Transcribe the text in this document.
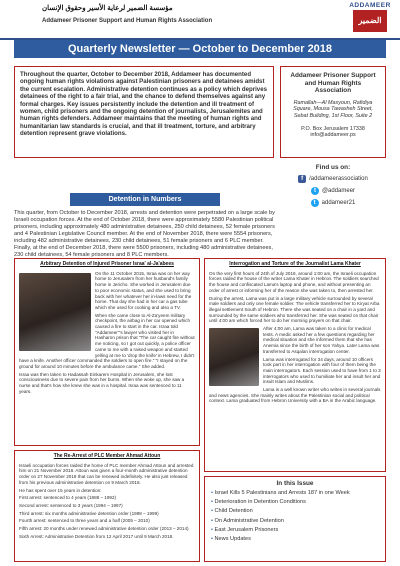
مؤسسة الضمير لرعاية الأسير وحقوق الإنسان
Addameer Prisoner Support and Human Rights Association
ADDAMEER
الضمير
Quarterly Newsletter — October to December 2018
Throughout the quarter, October to December 2018, Addameer has documented ongoing human rights violations against Palestinian prisoners and detainees amidst the current escalation. Administrative detention continues as a policy which deprives detainees of the right to a fair trial, and the chance to defend themselves against any formal charges. Key issues persistently include the detention and ill treatment of women, child prisoners and the ongoing detention of journalists, Jerusalemites and human rights defenders. Addameer maintains that the meeting of human rights and humanitarian law standards is crucial, and that ill treatment, torture, and arbitrary detention represent grave violations.
Addameer Prisoner Support and Human Rights Association
Ramallah—Al Masyoun, Rafidiya Square, Mousa Tawasheh Street, Sebat Building, 1st Floor, Suite 2
P.O. Box Jerusalem 17338
info@addameer.ps
Find us on:
f	/addameerassociation
t	@addameer
t	addameer21
Detention in Numbers

This quarter, from October to December 2018, arrests and detention were perpetrated on a large scale by Israeli occupation forces. At the end of October 2018, there were approximately 5580 Palestinian political prisoners, including approximately 480 administrative detainees, 250 child detainees, 52 female prisoners and 4 Palestinian Legislative Council member. At the end of November 2018, there were 5554 prisoners, including 482 administrative detainees, 230 child detainees, 51 female prisoners and 6 PLC member. Finally, at the end of December 2018, there were 5500 prisoners, including 480 administrative detainees, 230 child detainees, 54 female prisoners and 8 PLC members.

Arbitrary Detention of Injured Prisoner Israa' al-Ja'abees

On the 11 October 2015, Israa was on her way home to Jerusalem from her husband's family home in Jericho. She worked in Jerusalem due to poor economic status, and she used to bring back with her whatever her in-laws need for the home. That day she had in her car a gas tube which she used for cooking and also a TV.

When she came close to Al-Za'yeem military checkpoint, the airbag in her car opened which caused a fire to start in the car. Israa told "Addameer"'s lawyer who visited her in Hasharon prison that "The car caught fire without me noticing, so I got out quickly, a police officer came to me with a raised weapon and started yelling at me to 'drop the knife' in Hebrew, I didn't have a knife. Another officer commanded the soldiers to open fire." "I stayed on the ground for around 10 minutes before the ambulance came." She added.

Israa was then taken to Hadassah Einkarem Hospital in Jerusalem, she lost consciousness due to severe pain from her burns. When she woke up, she saw a nurse and that's how she knew she was in a hospital. Israa was sentenced to 11 years.

The Re-Arrest of PLC Member Ahmad Attoun

Israeli occupation forces raided the home of PLC member Ahmad Attoun and arrested him on 21 November 2018. Attoun was given a four-month administrative detention order on 27 November 2018 that can be renewed indefinitely. He also just released from his previous administrative detention on 9 March 2018.

He has spent over 15 years in detention:

First arrest: sentenced to 4 years (1988 – 1992)

Second arrest: sentenced to 3 years (1994 – 1997)

Third arrest: six months administrative detention order (1998 – 1999)

Fourth arrest: sentenced to three years and a half (2005 – 2010)

Fifth arrest: 20 months under renewed administrative detention order (2013 – 2014)

Sixth Arrest: Administrative Detention from 12 April 2017 until 9 March 2018.

Interrogation and Torture of the Journalist Lama Khater

On the very first hours of 24th of July 2018, around 1:00 am, the Israeli occupation forces raided the house of the writer Lama Khater in Hebron. The soldiers searched the house and confiscated Lama's laptop and phone, and without presenting an order of arrest or informing her of the reason she was taken to, then arrested her.

During the arrest, Lama was put in a large military vehicle surrounded by several male soldiers and only one female soldier. The vehicle transferred her to Kiryat Arba illegal settlement South of Hebron. There she was seated on a chair in a yard and surrounded by the same soldiers who transferred her. She was seated on that chair until 4:00 am which forced her to do her morning prayers on that chair.

After 4:00 am, Lama was taken to a clinic for medical tests. A medic asked her a few questions regarding her medical situation and she informed them that she has Anemia since the birth of her son Yahya. Later Lama was transferred to Asqalan interrogation center.

Lama was interrogated for 34 days, around 10 officers took part in her interrogation with four of them being the main interrogators. Each session used to have from 1 to 3 interrogators who used to humiliate her and insult her and insult Islam and Muslims.

Lama is a well known writer who writes in several journals and news agencies. She mainly writes about the Palestinian social and political context. Lama graduated from Hebron University with a BA in the Arabic language.

In this Issue
• Israel Kills 5 Palestinians and Arrests 187 in one Week
• Deterioration in Detention Conditions
• Child Detention
• On Administrative Detention
• East Jerusalem Prisoners
• News Updates
